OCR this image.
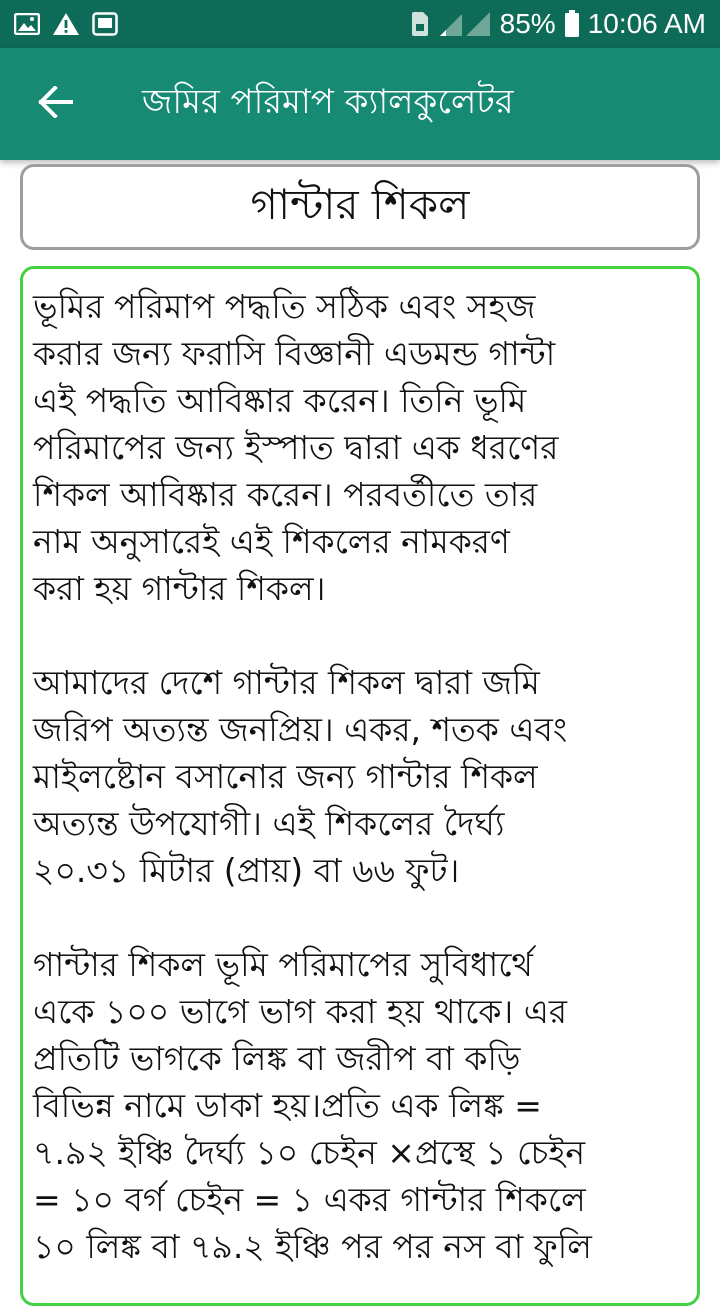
85% 10:06 AM
জমির পরিমাপ ক্যালকুলেটর
গান্টার শিকল

ভূমির পরিমাপ পদ্ধতি সঠিক এবং সহজ
করার জন্য ফরাসি বিজ্ঞানী এডমন্ড গান্টা
এই পদ্ধতি আবিষ্কার করেন। তিনি ভূমি
পরিমাপের জন্য ইস্পাত দ্বারা এক ধরণের
শিকল আবিষ্কার করেন। পরবর্তীতে তার
নাম অনুসারেই এই শিকলের নামকরণ
করা হয় গান্টার শিকল।

আমাদের দেশে গান্টার শিকল দ্বারা জমি
জরিপ অত্যন্ত জনপ্রিয়। একর, শতক এবং
মাইলষ্টোন বসানোর জন্য গান্টার শিকল
অত্যন্ত উপযোগী। এই শিকলের দৈর্ঘ্য
২০.৩১ মিটার (প্রায়) বা ৬৬ ফুট।

গান্টার শিকল ভূমি পরিমাপের সুবিধার্থে
একে ১০০ ভাগে ভাগ করা হয় থাকে। এর
প্রতিটি ভাগকে লিঙ্ক বা জরীপ বা কড়ি
বিভিন্ন নামে ডাকা হয়।প্রতি এক লিঙ্ক =
৭.৯২ ইঞ্চি দৈর্ঘ্য ১০ চেইন ×প্রস্থে ১ চেইন
= ১০ বর্গ চেইন = ১ একর গান্টার শিকলে
১০ লিঙ্ক বা ৭৯.২ ইঞ্চি পর পর নস বা ফুলি
